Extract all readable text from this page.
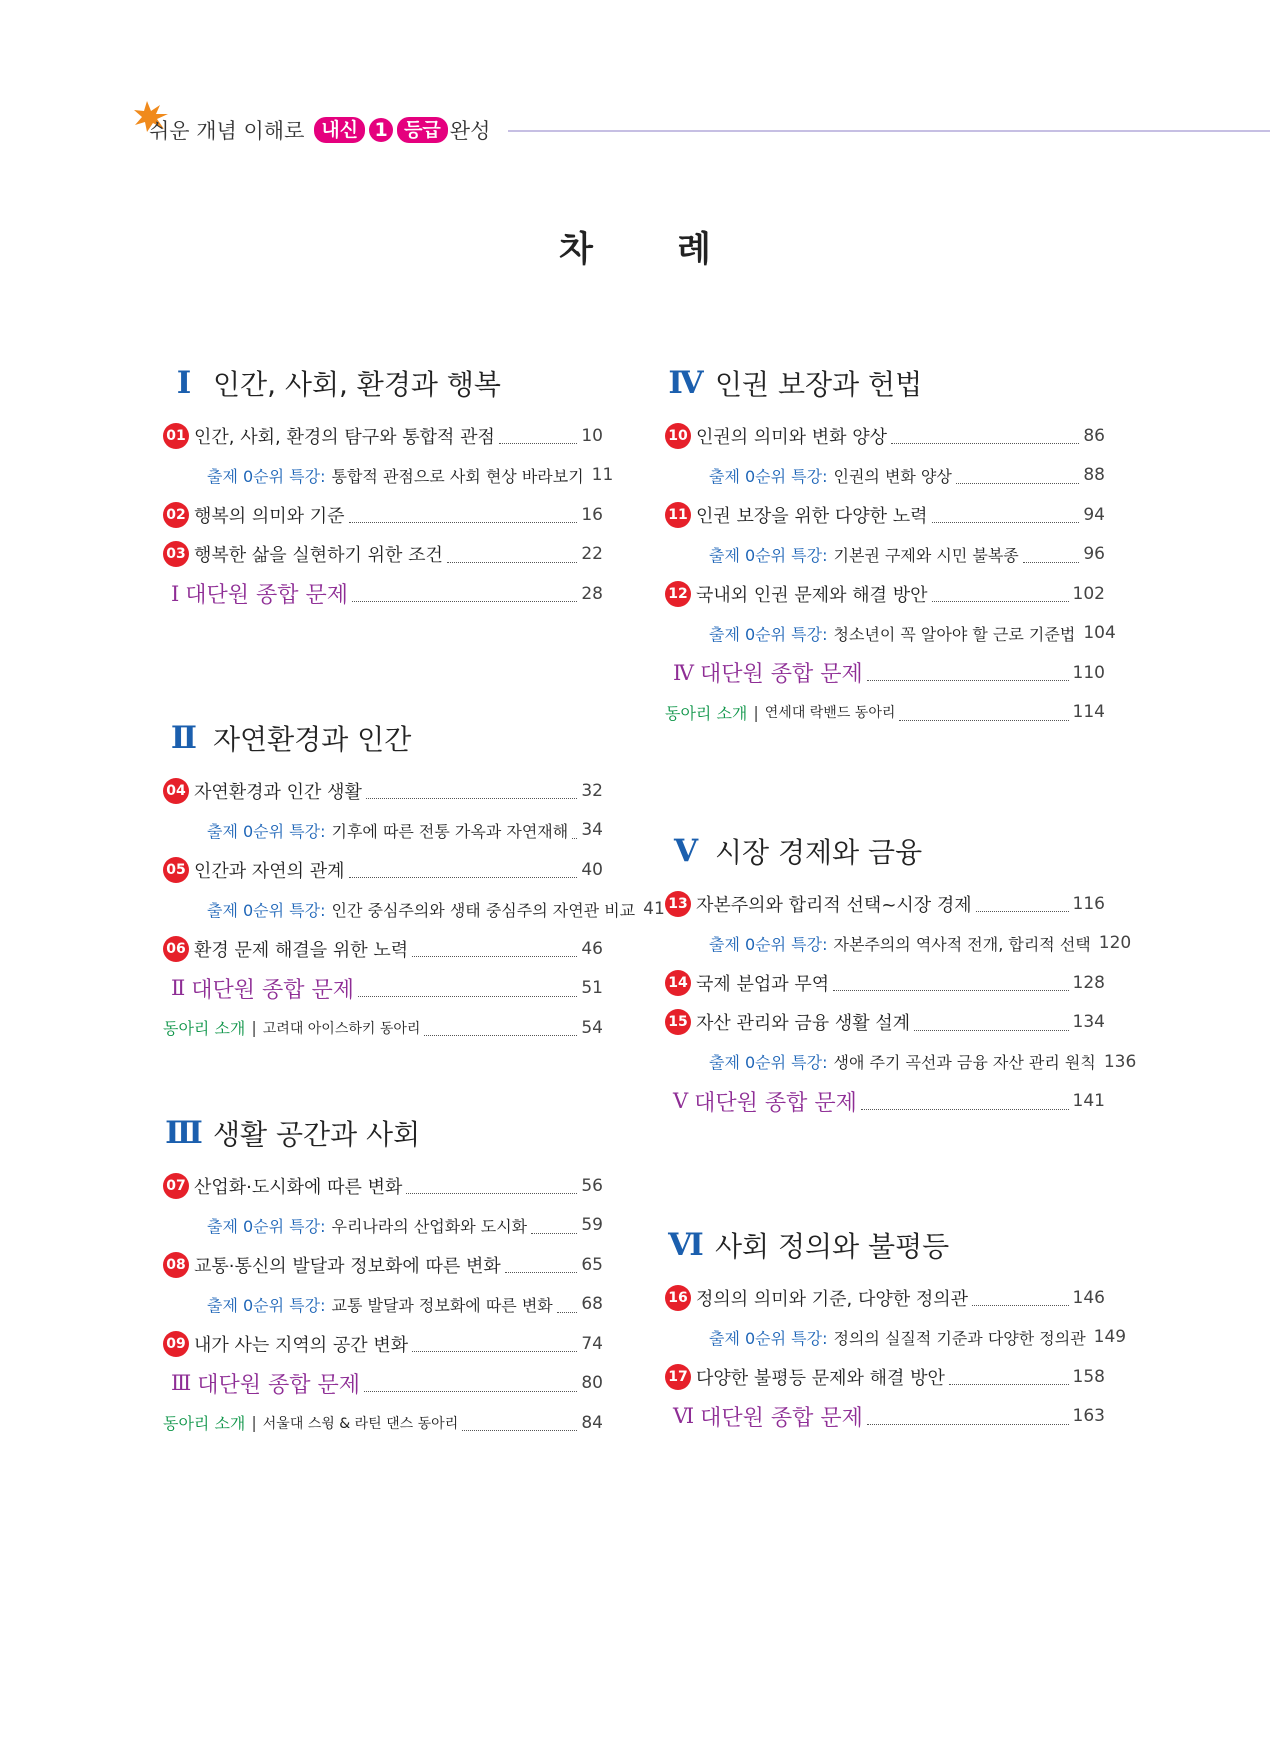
쉬운 개념 이해로 내신 1 등급 완성
차 례
Ⅰ 인간, 사회, 환경과 행복
01 인간, 사회, 환경의 탐구와 통합적 관점	10
출제 0순위 특강: 통합적 관점으로 사회 현상 바라보기 11
02 행복의 의미와 기준	16
03 행복한 삶을 실현하기 위한 조건	22
Ⅰ 대단원 종합 문제	28
Ⅱ 자연환경과 인간
04 자연환경과 인간 생활	32
출제 0순위 특강: 기후에 따른 전통 가옥과 자연재해 34
05 인간과 자연의 관계	40
출제 0순위 특강: 인간 중심주의와 생태 중심주의 자연관 비교 41
06 환경 문제 해결을 위한 노력	46
Ⅱ 대단원 종합 문제	51
동아리 소개 | 고려대 아이스하키 동아리	54
Ⅲ 생활 공간과 사회
07 산업화·도시화에 따른 변화	56
출제 0순위 특강: 우리나라의 산업화와 도시화	59
08 교통·통신의 발달과 정보화에 따른 변화	65
출제 0순위 특강: 교통 발달과 정보화에 따른 변화 68
09 내가 사는 지역의 공간 변화	74
Ⅲ 대단원 종합 문제	80
동아리 소개 | 서울대 스윙 & 라틴 댄스 동아리	84
Ⅳ 인권 보장과 헌법
10 인권의 의미와 변화 양상	86
출제 0순위 특강: 인권의 변화 양상	88
11 인권 보장을 위한 다양한 노력	94
출제 0순위 특강: 기본권 구제와 시민 불복종	96
12 국내외 인권 문제와 해결 방안	102
출제 0순위 특강: 청소년이 꼭 알아야 할 근로 기준법 104
Ⅳ 대단원 종합 문제	110
동아리 소개 | 연세대 락밴드 동아리	114
Ⅴ 시장 경제와 금융
13 자본주의와 합리적 선택~시장 경제	116
출제 0순위 특강: 자본주의의 역사적 전개, 합리적 선택 120
14 국제 분업과 무역	128
15 자산 관리와 금융 생활 설계	134
출제 0순위 특강: 생애 주기 곡선과 금융 자산 관리 원칙 136
Ⅴ 대단원 종합 문제	141
Ⅵ 사회 정의와 불평등
16 정의의 의미와 기준, 다양한 정의관	146
출제 0순위 특강: 정의의 실질적 기준과 다양한 정의관 149
17 다양한 불평등 문제와 해결 방안	158
Ⅵ 대단원 종합 문제	163
